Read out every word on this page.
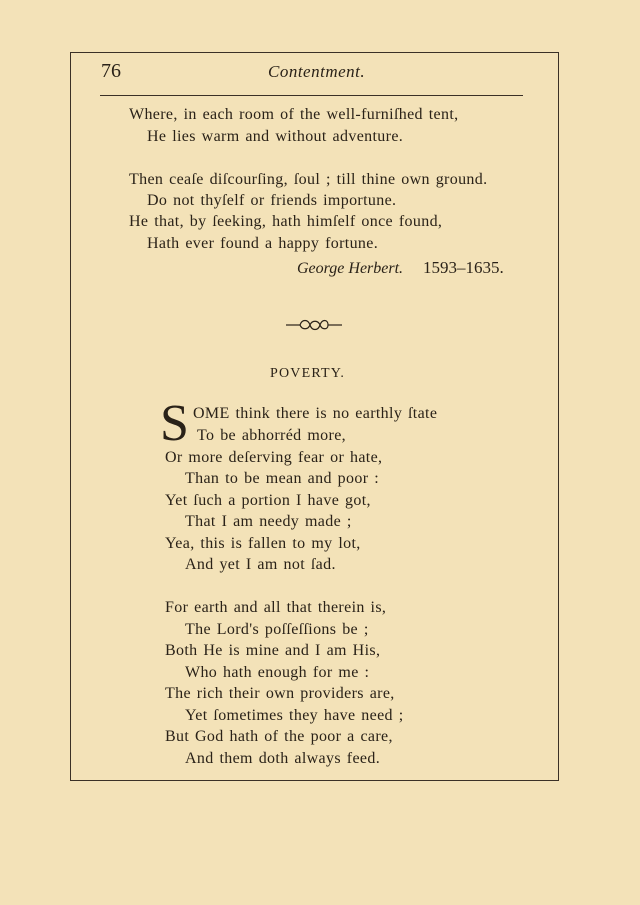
76	Contentment.
Where, in each room of the well-furniſhed tent,
He lies warm and without adventure.
Then ceaſe diſcourſing, ſoul ; till thine own ground.
Do not thyſelf or friends importune.
He that, by ſeeking, hath himſelf once found,
Hath ever found a happy fortune.
George Herbert. 1593–1635.
POVERTY.
S OME think there is no earthly ſtate
To be abhorréd more,
Or more deſerving fear or hate,
Than to be mean and poor :
Yet ſuch a portion I have got,
That I am needy made ;
Yea, this is fallen to my lot,
And yet I am not ſad.
For earth and all that therein is,
The Lord's poſſeſſions be ;
Both He is mine and I am His,
Who hath enough for me :
The rich their own providers are,
Yet ſometimes they have need ;
But God hath of the poor a care,
And them doth always feed.
